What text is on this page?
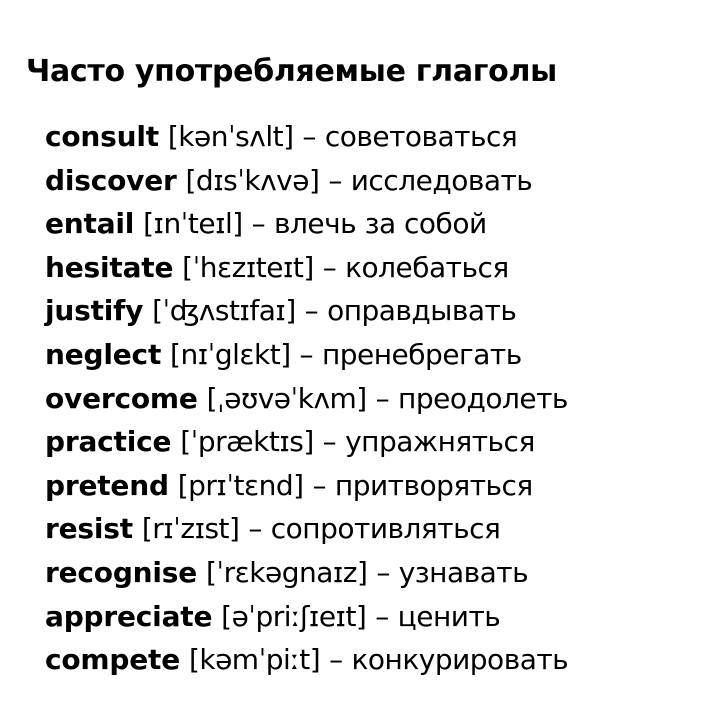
Часто употребляемые глаголы
consult [kənˈsʌlt] – советоваться
discover [dɪsˈkʌvə] – исследовать
entail [ɪnˈteɪl] – влечь за собой
hesitate [ˈhɛzɪteɪt] – колебаться
justify [ˈʤʌstɪfaɪ] – оправдывать
neglect [nɪˈglɛkt] – пренебрегать
overcome [ˌəʊvəˈkʌm] – преодолеть
practice [ˈpræktɪs] – упражняться
pretend [prɪˈtɛnd] – притворяться
resist [rɪˈzɪst] – сопротивляться
recognise [ˈrɛkəgnaɪz] – узнавать
appreciate [əˈpriːʃɪeɪt] – ценить
compete [kəmˈpiːt] – конкурировать
